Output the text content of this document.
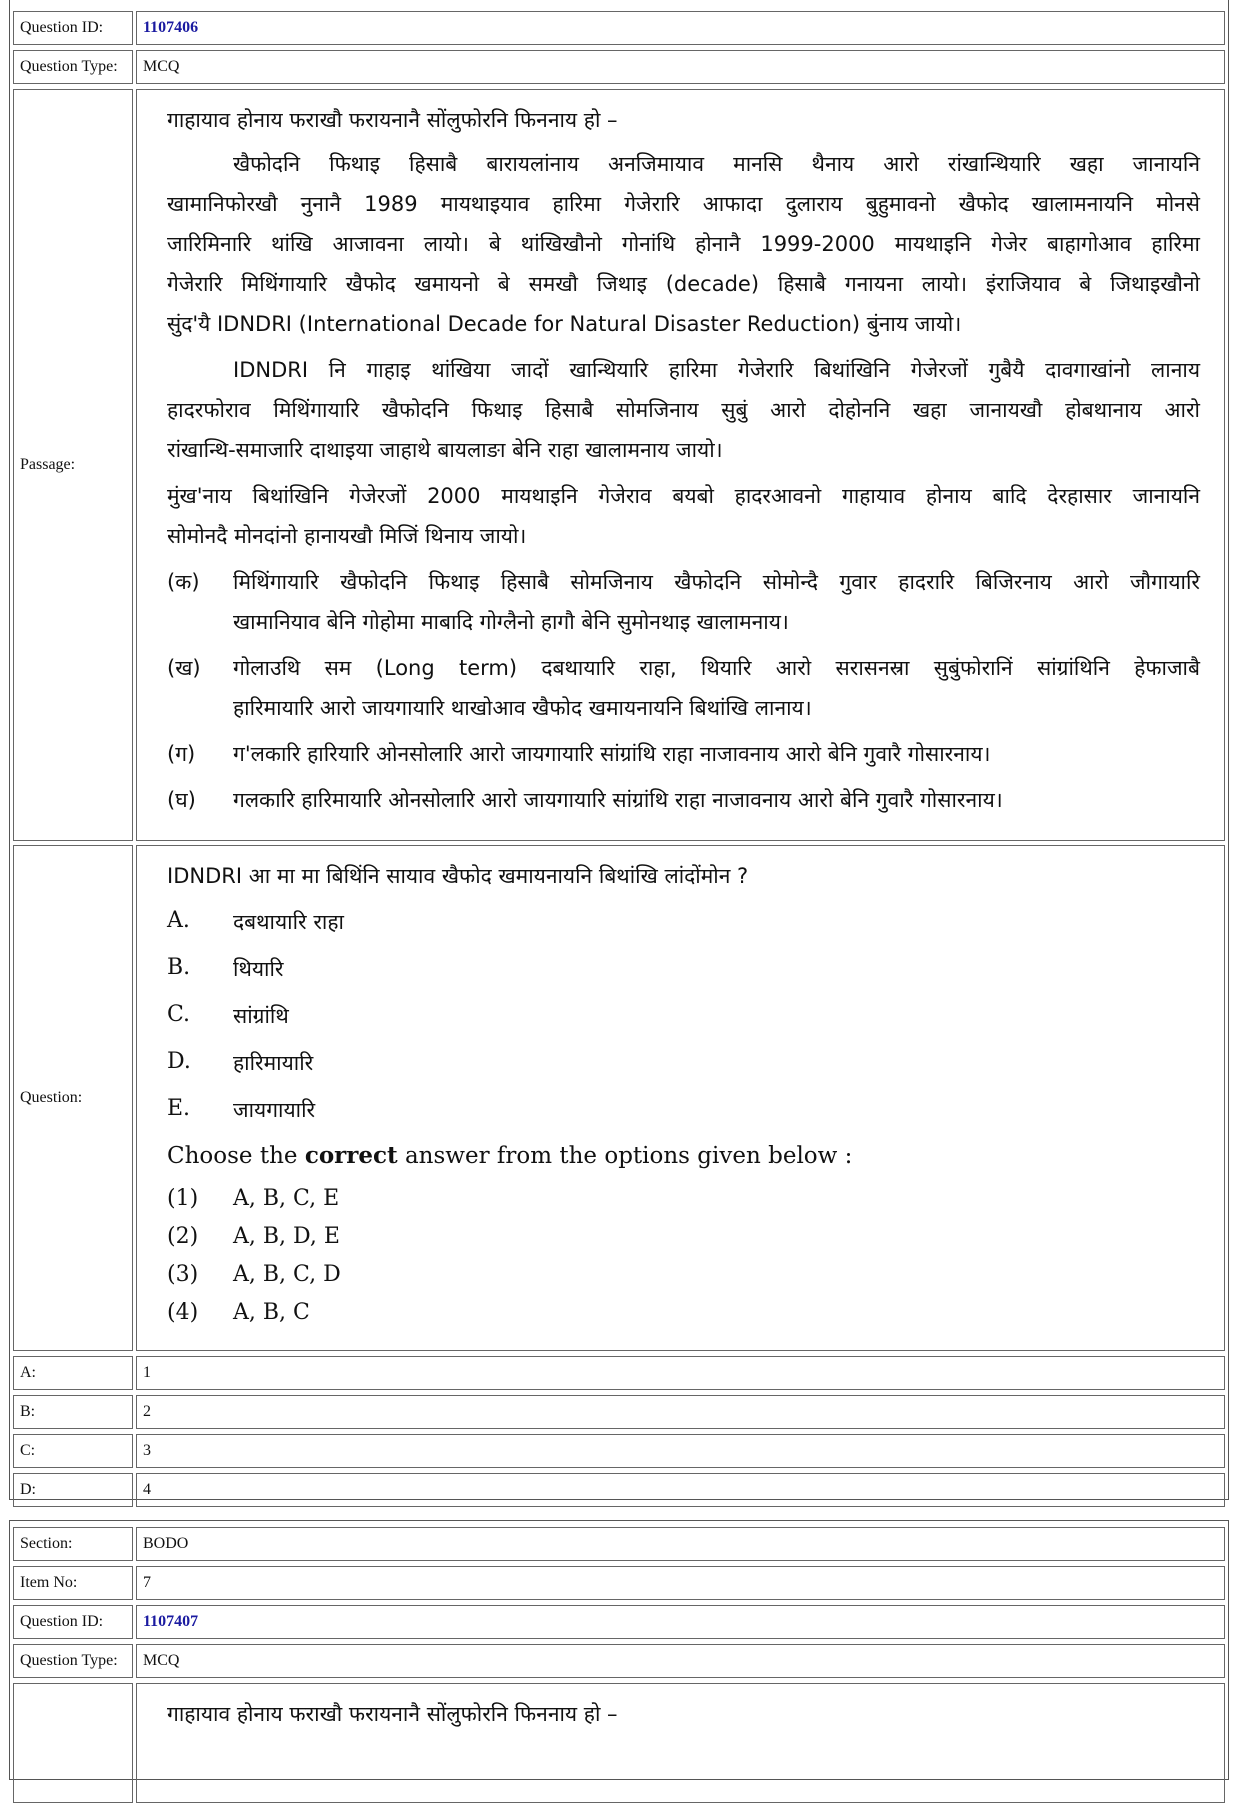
Question ID:	1107406
Question Type:	MCQ
Passage:
गाहायाव होनाय फराखौ फरायनानै सोंलुफोरनि फिननाय हो –
खैफोदनि फिथाइ हिसाबै बारायलांनाय अनजिमायाव मानसि थैनाय आरो रांखान्थियारि खहा जानायनि
खामानिफोरखौ नुनानै 1989 मायथाइयाव हारिमा गेजेरारि आफादा दुलाराय बुहुमावनो खैफोद खालामनायनि मोनसे
जारिमिनारि थांखि आजावना लायो। बे थांखिखौनो गोनांथि होनानै 1999-2000 मायथाइनि गेजेर बाहागोआव हारिमा
गेजेरारि मिथिंगायारि खैफोद खमायनो बे समखौ जिथाइ (decade) हिसाबै गनायना लायो। इंराजियाव बे जिथाइखौनो
सुंद'यै IDNDRI (International Decade for Natural Disaster Reduction) बुंनाय जायो।
IDNDRI नि गाहाइ थांखिया जादों खान्थियारि हारिमा गेजेरारि बिथांखिनि गेजेरजों गुबैयै दावगाखांनो लानाय
हादरफोराव मिथिंगायारि खैफोदनि फिथाइ हिसाबै सोमजिनाय सुबुं आरो दोहोननि खहा जानायखौ होबथानाय आरो
रांखान्थि-समाजारि दाथाइया जाहाथे बायलाङा बेनि राहा खालामनाय जायो।
मुंख'नाय बिथांखिनि गेजेरजों 2000 मायथाइनि गेजेराव बयबो हादरआवनो गाहायाव होनाय बादि देरहासार जानायनि
सोमोनदै मोनदांनो हानायखौ मिजिं थिनाय जायो।
(क)	मिथिंगायारि खैफोदनि फिथाइ हिसाबै सोमजिनाय खैफोदनि सोमोन्दै गुवार हादरारि बिजिरनाय आरो जौगायारि
खामानियाव बेनि गोहोमा माबादि गोग्लैनो हागौ बेनि सुमोनथाइ खालामनाय।
(ख)	गोलाउथि सम (Long term) दबथायारि राहा, थियारि आरो सरासनस्रा सुबुंफोरानिं सांग्रांथिनि हेफाजाबै
हारिमायारि आरो जायगायारि थाखोआव खैफोद खमायनायनि बिथांखि लानाय।
(ग)	ग'लकारि हारियारि ओनसोलारि आरो जायगायारि सांग्रांथि राहा नाजावनाय आरो बेनि गुवारै गोसारनाय।
(घ)	गलकारि हारिमायारि ओनसोलारि आरो जायगायारि सांग्रांथि राहा नाजावनाय आरो बेनि गुवारै गोसारनाय।
Question:
IDNDRI आ मा मा बिथिंनि सायाव खैफोद खमायनायनि बिथांखि लांदोंमोन ?
A.	दबथायारि राहा
B.	थियारि
C.	सांग्रांथि
D.	हारिमायारि
E.	जायगायारि
Choose the correct answer from the options given below :
(1) A, B, C, E
(2) A, B, D, E
(3) A, B, C, D
(4) A, B, C
A:	1
B:	2
C:	3
D:	4
Section:	BODO
Item No:	7
Question ID:	1107407
Question Type:	MCQ
गाहायाव होनाय फराखौ फरायनानै सोंलुफोरनि फिननाय हो –
